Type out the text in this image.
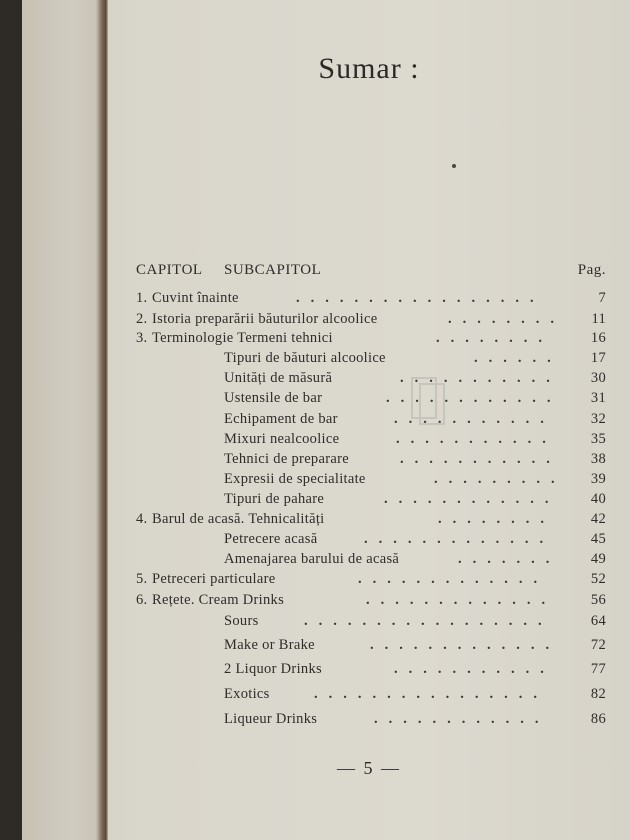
Sumar :
CAPITOL SUBCAPITOL	Pag.
1. Cuvint înainte	.................	7
2. Istoria preparării băuturilor alcoolice	........ 11
3. Terminologie Termeni tehnici	........	16
Tipuri de băuturi alcoolice	...... 17
Unități de măsură	........... 30
Ustensile de bar	............ 31
Echipament de bar	........... 32
Mixuri nealcoolice	........... 35
Tehnici de preparare	........... 38
Expresii de specialitate	......... 39
Tipuri de pahare	............ 40
4. Barul de acasă. Tehnicalități	........ 42
Petrecere acasă	.............	45
Amenajarea barului de acasă	....... 49
5. Petreceri particulare	.............	52
6. Rețete. Cream Drinks	............. 56
Sours	.................	64
Make or Brake	............. 72
2 Liquor Drinks	........... 77
Exotics	................	82
Liqueur Drinks	............	86
— 5 —
